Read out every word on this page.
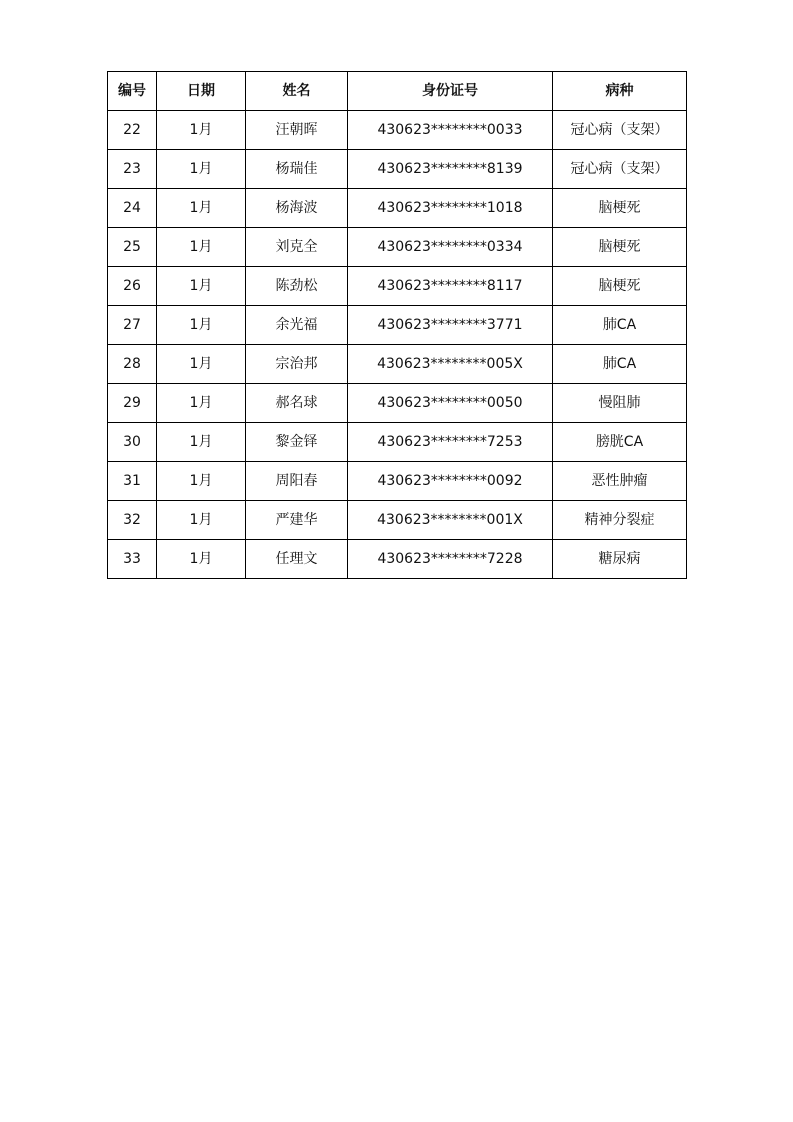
编号	日期	姓名	身份证号	病种
22	1月	汪朝晖	430623********0033	冠心病（支架）
23	1月	杨瑞佳	430623********8139	冠心病（支架）
24	1月	杨海波	430623********1018	脑梗死
25	1月	刘克全	430623********0334	脑梗死
26	1月	陈劲松	430623********8117	脑梗死
27	1月	余光福	430623********3771	肺CA
28	1月	宗治邦	430623********005X	肺CA
29	1月	郝名球	430623********0050	慢阻肺
30	1月	黎金铎	430623********7253	膀胱CA
31	1月	周阳春	430623********0092	恶性肿瘤
32	1月	严建华	430623********001X	精神分裂症
33	1月	任理文	430623********7228	糖尿病
